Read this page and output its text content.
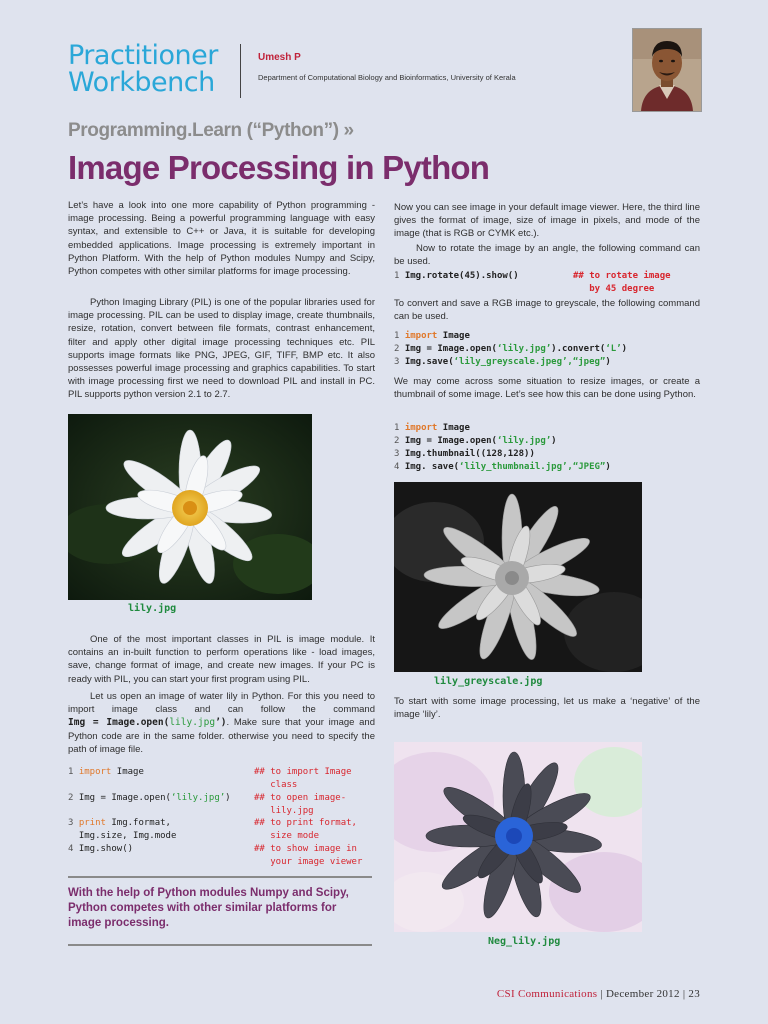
Practitioner
Workbench
Umesh P
Department of Computational Biology and Bioinformatics, University of Kerala
Programming.Learn (“Python”) »
Image Processing in Python
Let’s have a look into one more capability of Python programming - image processing. Being a powerful programming language with easy syntax, and extensible to C++ or Java, it is suitable for developing embedded applications. Image processing is extremely important in Python Platform. With the help of Python modules Numpy and Scipy, Python competes with other similar platforms for image processing.
Python Imaging Library (PIL) is one of the popular libraries used for image processing. PIL can be used to display image, create thumbnails, resize, rotation, convert between file formats, contrast enhancement, filter and apply other digital image processing techniques etc. PIL supports image formats like PNG, JPEG, GIF, TIFF, BMP etc. It also possesses powerful image processing and graphics capabilities. To start with image processing first we need to download PIL and install in PC. PIL supports python version 2.1 to 2.7.
lily.jpg
One of the most important classes in PIL is image module. It contains an in-built function to perform operations like - load images, save, change format of image, and create new images. If your PC is ready with PIL, you can start your first program using PIL.
Let us open an image of water lily in Python. For this you need to import image class and can follow the command Img = Image.open(lily.jpg’). Make sure that your image and Python code are in the same folder. otherwise you need to specify the path of image file.
1 import Image	## to import Image
class
2 Img = Image.open(‘lily.jpg’)	## to open image-
lily.jpg
3 print Img.format,
Img.size, Img.mode
## to print format,
size mode
4 Img.show()	## to show image in
your image viewer
With the help of Python modules Numpy and Scipy, Python competes with other similar platforms for image processing.
Now you can see image in your default image viewer. Here, the third line gives the format of image, size of image in pixels, and mode of the image (that is RGB or CYMK etc.).
Now to rotate the image by an angle, the following command can be used.
1 Img.rotate(45).show()	## to rotate image
by 45 degree
To convert and save a RGB image to greyscale, the following command can be used.
1 import Image
2 Img = Image.open(‘lily.jpg’).convert(‘L’)
3 Img.save(‘lily_greyscale.jpeg’,“jpeg”)
We may come across some situation to resize images, or create a thumbnail of some image. Let’s see how this can be done using Python.
1 import Image
2 Img = Image.open(‘lily.jpg’)
3 Img.thumbnail((128,128))
4 Img. save(‘lily_thumbnail.jpg’,“JPEG”)
lily_greyscale.jpg
To start with some image processing, let us make a ‘negative’ of the image ‘lily’.
Neg_lily.jpg
CSI Communications | December 2012 | 23
